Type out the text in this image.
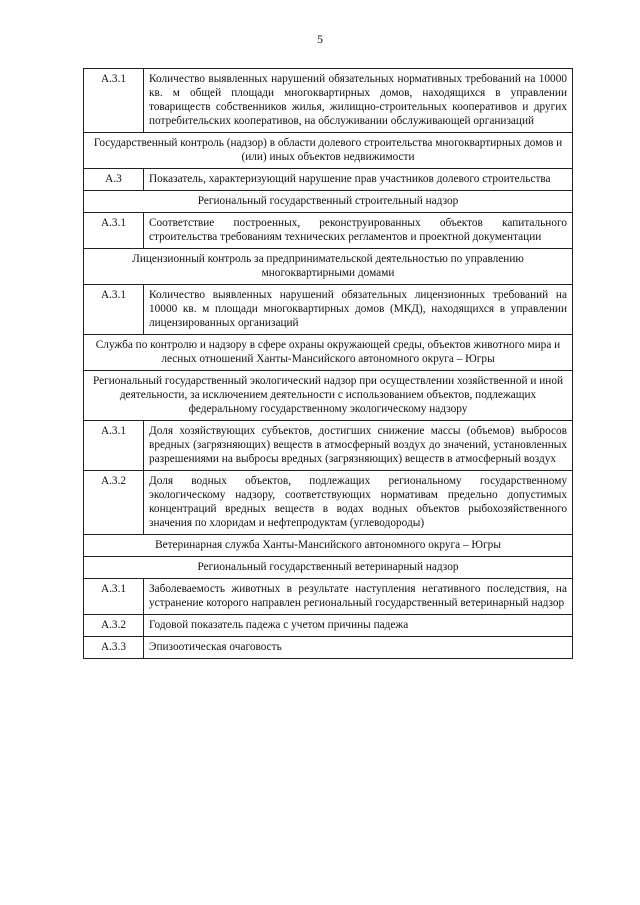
5
А.3.1	Количество выявленных нарушений обязательных нормативных требований на 10000 кв. м общей площади многоквартирных домов, находящихся в управлении товариществ собственников жилья, жилищно-строительных кооперативов и других потребительских кооперативов, на обслуживании обслуживающей организаций
Государственный контроль (надзор) в области долевого строительства многоквартирных домов и (или) иных объектов недвижимости	
А.3	Показатель, характеризующий нарушение прав участников долевого строительства
Региональный государственный строительный надзор	
А.3.1	Соответствие построенных, реконструированных объектов капитального строительства требованиям технических регламентов и проектной документации
Лицензионный контроль за предпринимательской деятельностью по управлению многоквартирными домами	
А.3.1	Количество выявленных нарушений обязательных лицензионных требований на 10000 кв. м площади многоквартирных домов (МКД), находящихся в управлении лицензированных организаций
Служба по контролю и надзору в сфере охраны окружающей среды, объектов животного мира и лесных отношений Ханты-Мансийского автономного округа – Югры	
Региональный государственный экологический надзор при осуществлении хозяйственной и иной деятельности, за исключением деятельности с использованием объектов, подлежащих федеральному государственному экологическому надзору	
А.3.1	Доля хозяйствующих субъектов, достигших снижение массы (объемов) выбросов вредных (загрязняющих) веществ в атмосферный воздух до значений, установленных разрешениями на выбросы вредных (загрязняющих) веществ в атмосферный воздух
А.3.2	Доля водных объектов, подлежащих региональному государственному экологическому надзору, соответствующих нормативам предельно допустимых концентраций вредных веществ в водах водных объектов рыбохозяйственного значения по хлоридам и нефтепродуктам (углеводороды)
Ветеринарная служба Ханты-Мансийского автономного округа – Югры	
Региональный государственный ветеринарный надзор	
А.3.1	Заболеваемость животных в результате наступления негативного последствия, на устранение которого направлен региональный государственный ветеринарный надзор
А.3.2	Годовой показатель падежа с учетом причины падежа
А.3.3	Эпизоотическая очаговость
